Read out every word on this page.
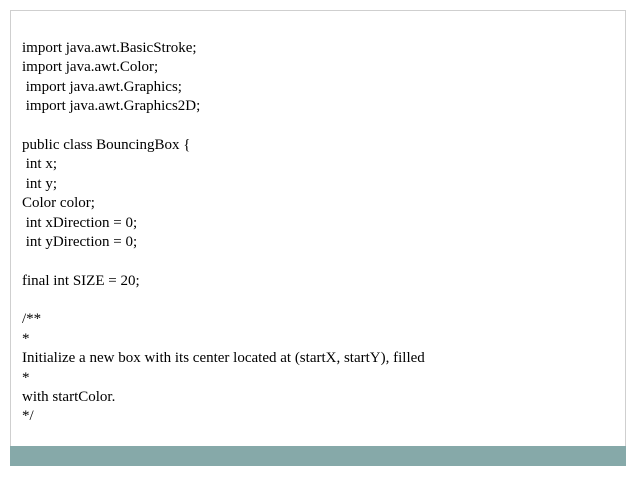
import java.awt.BasicStroke;
import java.awt.Color;
import java.awt.Graphics;
import java.awt.Graphics2D;
public class BouncingBox {
int x;
int y;
Color color;
int xDirection = 0;
int yDirection = 0;
final int SIZE = 20;
/**
*
Initialize a new box with its center located at (startX, startY), filled
*
with startColor.
*/
